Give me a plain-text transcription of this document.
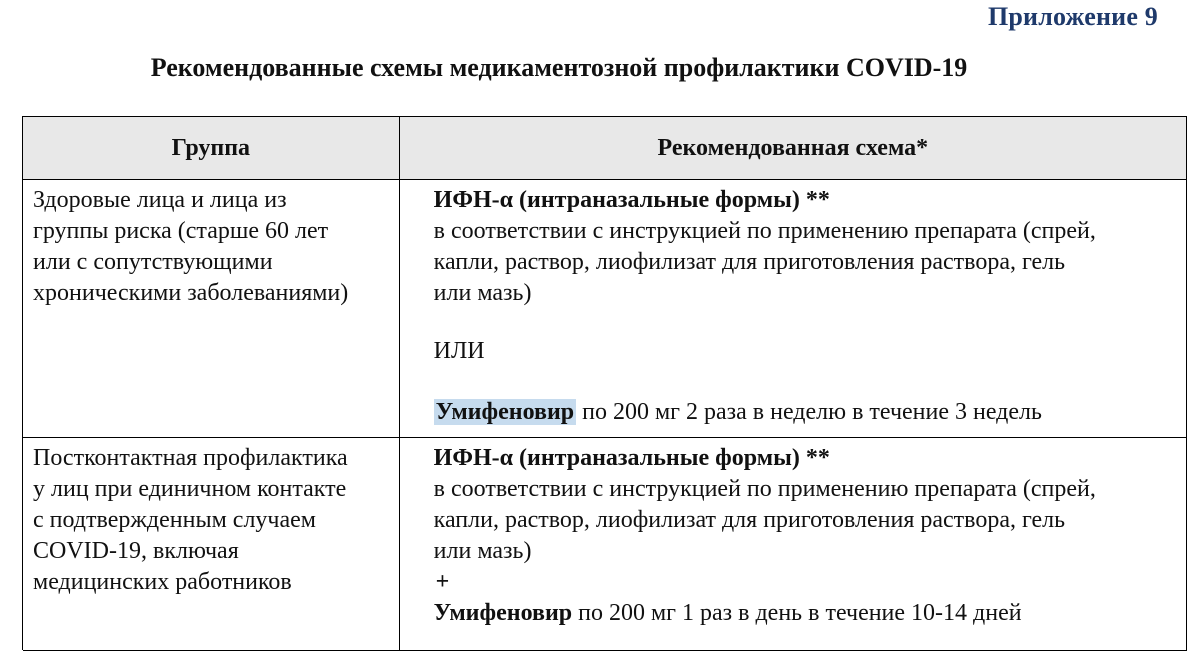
Приложение 9
Рекомендованные схемы медикаментозной профилактики COVID-19
Группа	Рекомендованная схема*
Здоровые лица и лица из
группы риска (старше 60 лет
или с сопутствующими
хроническими заболеваниями)
ИФН-α (интраназальные формы) **
в соответствии с инструкцией по применению препарата (спрей,
капли, раствор, лиофилизат для приготовления раствора, гель
или мазь)
ИЛИ
Умифеновир по 200 мг 2 раза в неделю в течение 3 недель
Постконтактная профилактика
у лиц при единичном контакте
с подтвержденным случаем
COVID-19, включая
медицинских работников
ИФН-α (интраназальные формы) **
в соответствии с инструкцией по применению препарата (спрей,
капли, раствор, лиофилизат для приготовления раствора, гель
или мазь)
+
Умифеновир по 200 мг 1 раз в день в течение 10-14 дней
